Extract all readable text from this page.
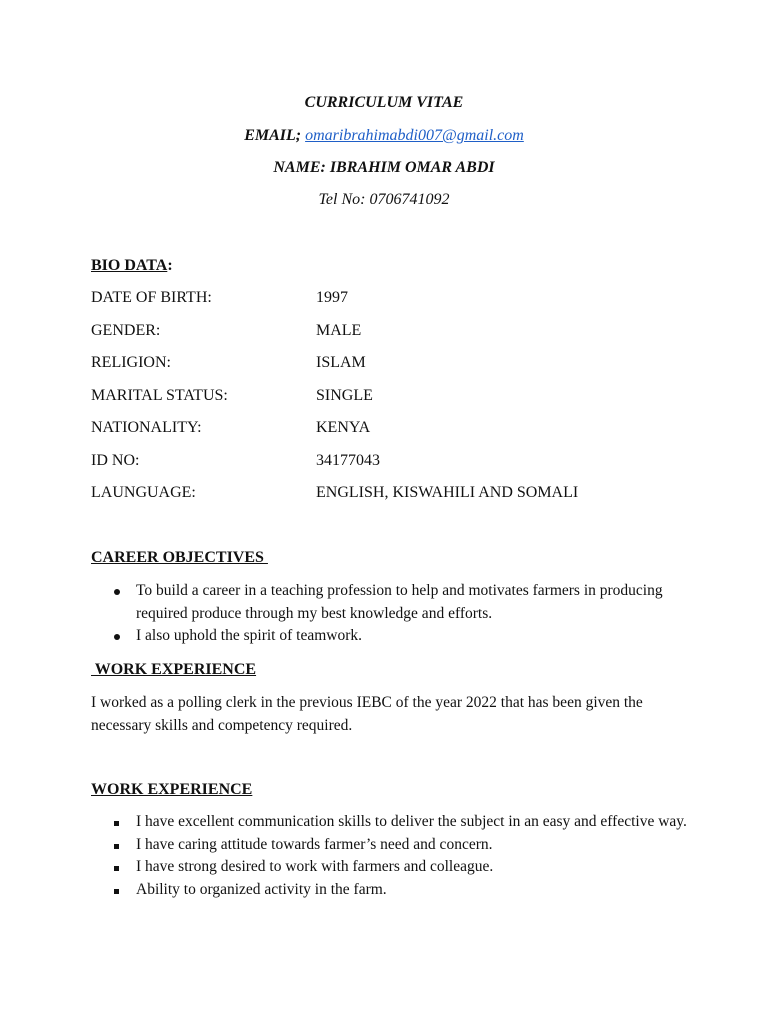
CURRICULUM VITAE
EMAIL; omaribrahimabdi007@gmail.com
NAME: IBRAHIM OMAR ABDI
Tel No: 0706741092
BIO DATA:
DATE OF BIRTH:	1997
GENDER:	MALE
RELIGION:	ISLAM
MARITAL STATUS:	SINGLE
NATIONALITY:	KENYA
ID NO:	34177043
LAUNGUAGE:	ENGLISH, KISWAHILI AND SOMALI
CAREER OBJECTIVES
To build a career in a teaching profession to help and motivates farmers in producing required produce through my best knowledge and efforts.
I also uphold the spirit of teamwork.
WORK EXPERIENCE
I worked as a polling clerk in the previous IEBC of the year 2022 that has been given the necessary skills and competency required.
WORK EXPERIENCE
I have excellent communication skills to deliver the subject in an easy and effective way.
I have caring attitude towards farmer’s need and concern.
I have strong desired to work with farmers and colleague.
Ability to organized activity in the farm.
